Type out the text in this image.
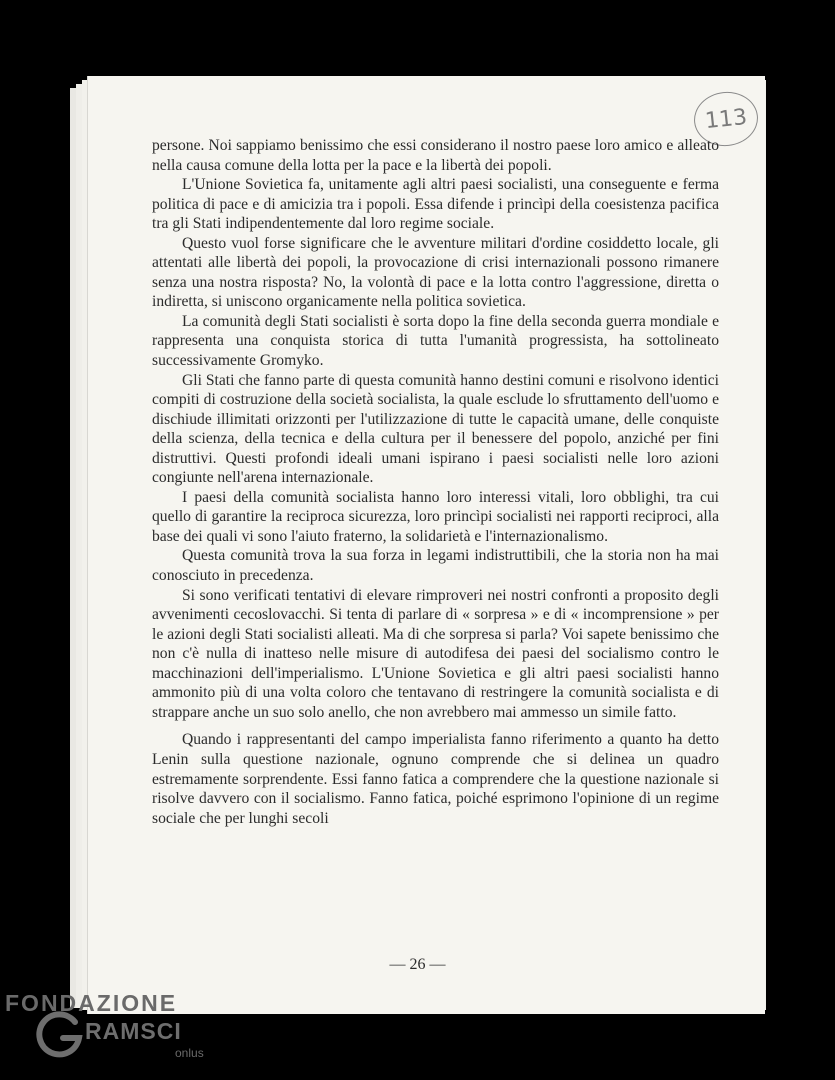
113

persone. Noi sappiamo benissimo che essi considerano il nostro paese loro amico e alleato nella causa comune della lotta per la pace e la libertà dei popoli.

L'Unione Sovietica fa, unitamente agli altri paesi socialisti, una conseguente e ferma politica di pace e di amicizia tra i popoli. Essa difende i princìpi della coesistenza pacifica tra gli Stati indipendentemente dal loro regime sociale.

Questo vuol forse significare che le avventure militari d'ordine cosiddetto locale, gli attentati alle libertà dei popoli, la provocazione di crisi internazionali possono rimanere senza una nostra risposta? No, la volontà di pace e la lotta contro l'aggressione, diretta o indiretta, si uniscono organicamente nella politica sovietica.

La comunità degli Stati socialisti è sorta dopo la fine della seconda guerra mondiale e rappresenta una conquista storica di tutta l'umanità progressista, ha sottolineato successivamente Gromyko.

Gli Stati che fanno parte di questa comunità hanno destini comuni e risolvono identici compiti di costruzione della società socialista, la quale esclude lo sfruttamento dell'uomo e dischiude illimitati orizzonti per l'utilizzazione di tutte le capacità umane, delle conquiste della scienza, della tecnica e della cultura per il benessere del popolo, anziché per fini distruttivi. Questi profondi ideali umani ispirano i paesi socialisti nelle loro azioni congiunte nell'arena internazionale.

I paesi della comunità socialista hanno loro interessi vitali, loro obblighi, tra cui quello di garantire la reciproca sicurezza, loro princìpi socialisti nei rapporti reciproci, alla base dei quali vi sono l'aiuto fraterno, la solidarietà e l'internazionalismo.

Questa comunità trova la sua forza in legami indistruttibili, che la storia non ha mai conosciuto in precedenza.

Si sono verificati tentativi di elevare rimproveri nei nostri confronti a proposito degli avvenimenti cecoslovacchi. Si tenta di parlare di « sorpresa » e di « incomprensione » per le azioni degli Stati socialisti alleati. Ma di che sorpresa si parla? Voi sapete benissimo che non c'è nulla di inatteso nelle misure di autodifesa dei paesi del socialismo contro le macchinazioni dell'imperialismo. L'Unione Sovietica e gli altri paesi socialisti hanno ammonito più di una volta coloro che tentavano di restringere la comunità socialista e di strappare anche un suo solo anello, che non avrebbero mai ammesso un simile fatto.

Quando i rappresentanti del campo imperialista fanno riferimento a quanto ha detto Lenin sulla questione nazionale, ognuno comprende che si delinea un quadro estremamente sorprendente. Essi fanno fatica a comprendere che la questione nazionale si risolve davvero con il socialismo. Fanno fatica, poiché esprimono l'opinione di un regime sociale che per lunghi secoli

— 26 —
FONDAZIONE
RAMSCI
onlus
